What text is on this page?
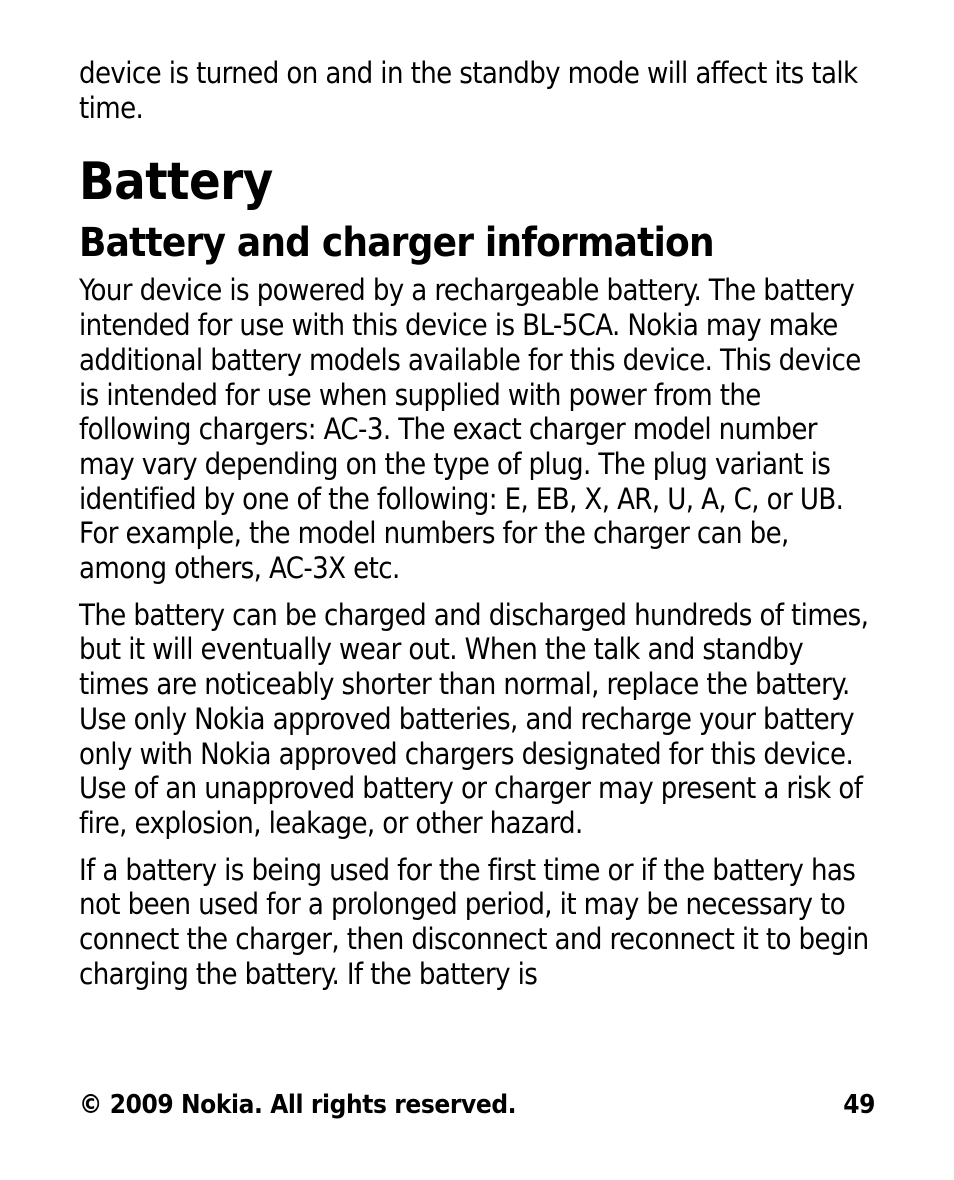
device is turned on and in the standby mode will affect its talk time.

Battery
Battery and charger information

Your device is powered by a rechargeable battery. The battery intended for use with this device is BL-5CA. Nokia may make additional battery models available for this device. This device is intended for use when supplied with power from the following chargers: AC-3. The exact charger model number may vary depending on the type of plug. The plug variant is identified by one of the following: E, EB, X, AR, U, A, C, or UB. For example, the model numbers for the charger can be, among others, AC-3X etc.

The battery can be charged and discharged hundreds of times, but it will eventually wear out. When the talk and standby times are noticeably shorter than normal, replace the battery. Use only Nokia approved batteries, and recharge your battery only with Nokia approved chargers designated for this device. Use of an unapproved battery or charger may present a risk of fire, explosion, leakage, or other hazard.

If a battery is being used for the first time or if the battery has not been used for a prolonged period, it may be necessary to connect the charger, then disconnect and reconnect it to begin charging the battery. If the battery is

© 2009 Nokia. All rights reserved.	49
